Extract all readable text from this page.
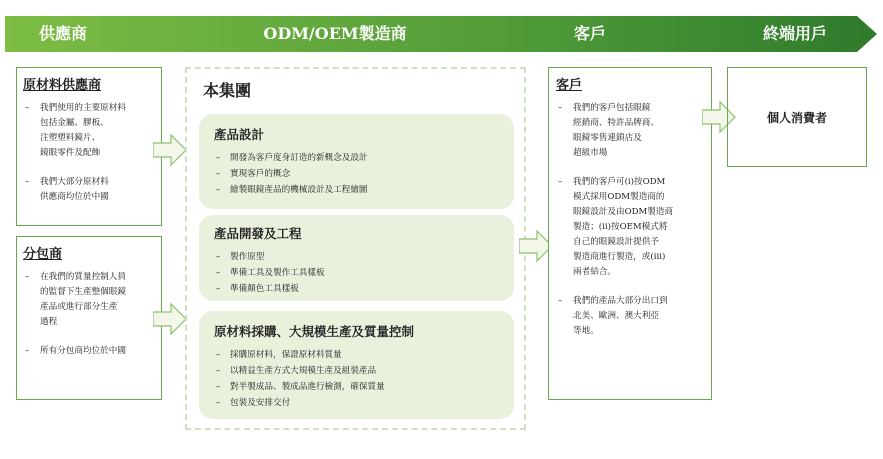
供應商	ODM/OEM製造商	客戶	終端用戶
原材料供應商
– 我們使用的主要原材料
包括金屬、膠板、
注塑塑料鏡片、
鏡眼零件及配飾
– 我們大部分原材料
供應商均位於中國
分包商
– 在我們的質量控制人員
的監督下生產整個眼鏡
產品或進行部分生產
過程
– 所有分包商均位於中國
本集團
產品設計
– 開發為客戶度身訂造的新概念及設計
– 實現客戶的概念
– 繪製眼鏡產品的機械設計及工程繪圖
產品開發及工程
– 製作原型
– 準備工具及製作工具樣板
– 準備顏色工具樣板
原材料採購、大規模生產及質量控制
– 採購原材料，保證原材料質量
– 以精益生產方式大規模生產及組裝產品
– 對半製成品、製成品進行檢測，確保質量
– 包裝及安排交付
客戶
– 我們的客戶包括眼鏡
經銷商、特許品牌商、
眼鏡零售連鎖店及
超級市場
– 我們的客戶可(i)按ODM
模式採用ODM製造商的
眼鏡設計及由ODM製造商
製造；(ii)按OEM模式將
自己的眼鏡設計提供予
製造商進行製造，或(iii)
兩者結合。
– 我們的產品大部分出口到
北美、歐洲、澳大利亞
等地。
個人消費者
